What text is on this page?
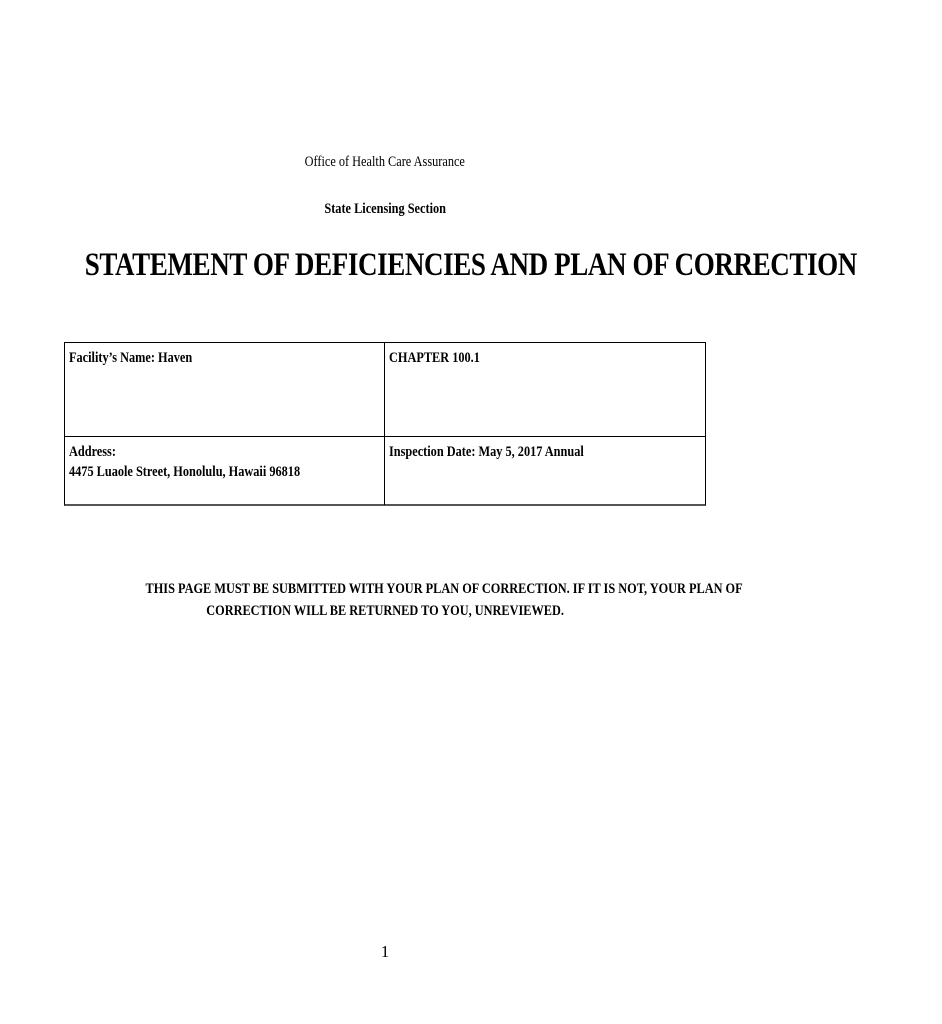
Office of Health Care Assurance
State Licensing Section
STATEMENT OF DEFICIENCIES AND PLAN OF CORRECTION
Facility’s Name: Haven	CHAPTER 100.1
Address:
4475 Luaole Street, Honolulu, Hawaii 96818
Inspection Date: May 5, 2017 Annual
THIS PAGE MUST BE SUBMITTED WITH YOUR PLAN OF CORRECTION. IF IT IS NOT, YOUR PLAN OF
CORRECTION WILL BE RETURNED TO YOU, UNREVIEWED.
1
